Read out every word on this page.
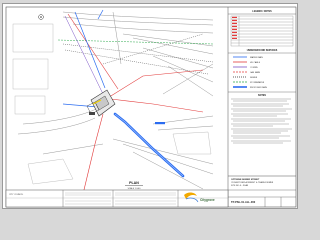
PLAN
SCALE 1:500
CITY COUNCIL
Citygrove
LEGEND / NOTES
UNDERGROUND SERVICES
WATER MAIN
HV CABLE
COMMS
GAS MAIN
SEWER
STORMWATER
PROPOSED MAIN
NOTES
OPTIMISE SEWER STREET
CULVERT REPLACEMENT & TRANSFORMER
SITE NO 4 - PLAN
TP-PNL-01-ALL-000
